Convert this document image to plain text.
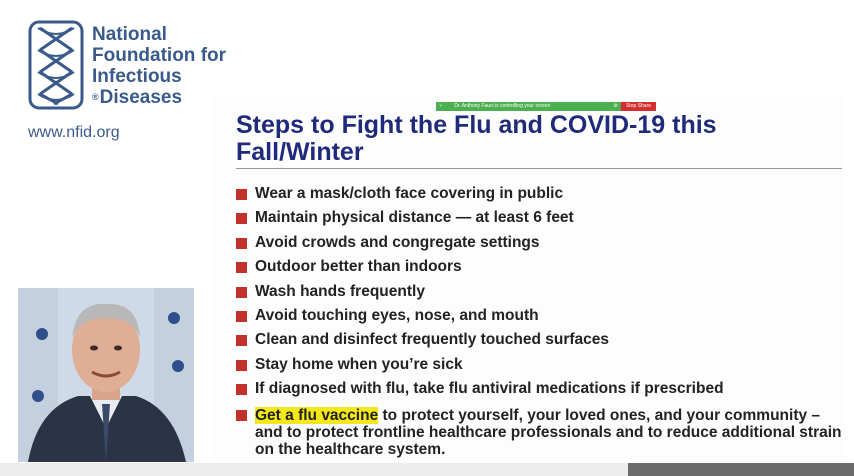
National
Foundation for
Infectious
®Diseases
www.nfid.org
✓	Dr. Anthony Fauci is controlling your screen	⚙	Stop Share
Steps to Fight the Flu and COVID-19 this Fall/Winter
Wear a mask/cloth face covering in public
Maintain physical distance — at least 6 feet
Avoid crowds and congregate settings
Outdoor better than indoors
Wash hands frequently
Avoid touching eyes, nose, and mouth
Clean and disinfect frequently touched surfaces
Stay home when you’re sick
If diagnosed with flu, take flu antiviral medications if prescribed
Get a flu vaccine to protect yourself, your loved ones, and your community – and to protect frontline healthcare professionals and to reduce additional strain on the healthcare system.
